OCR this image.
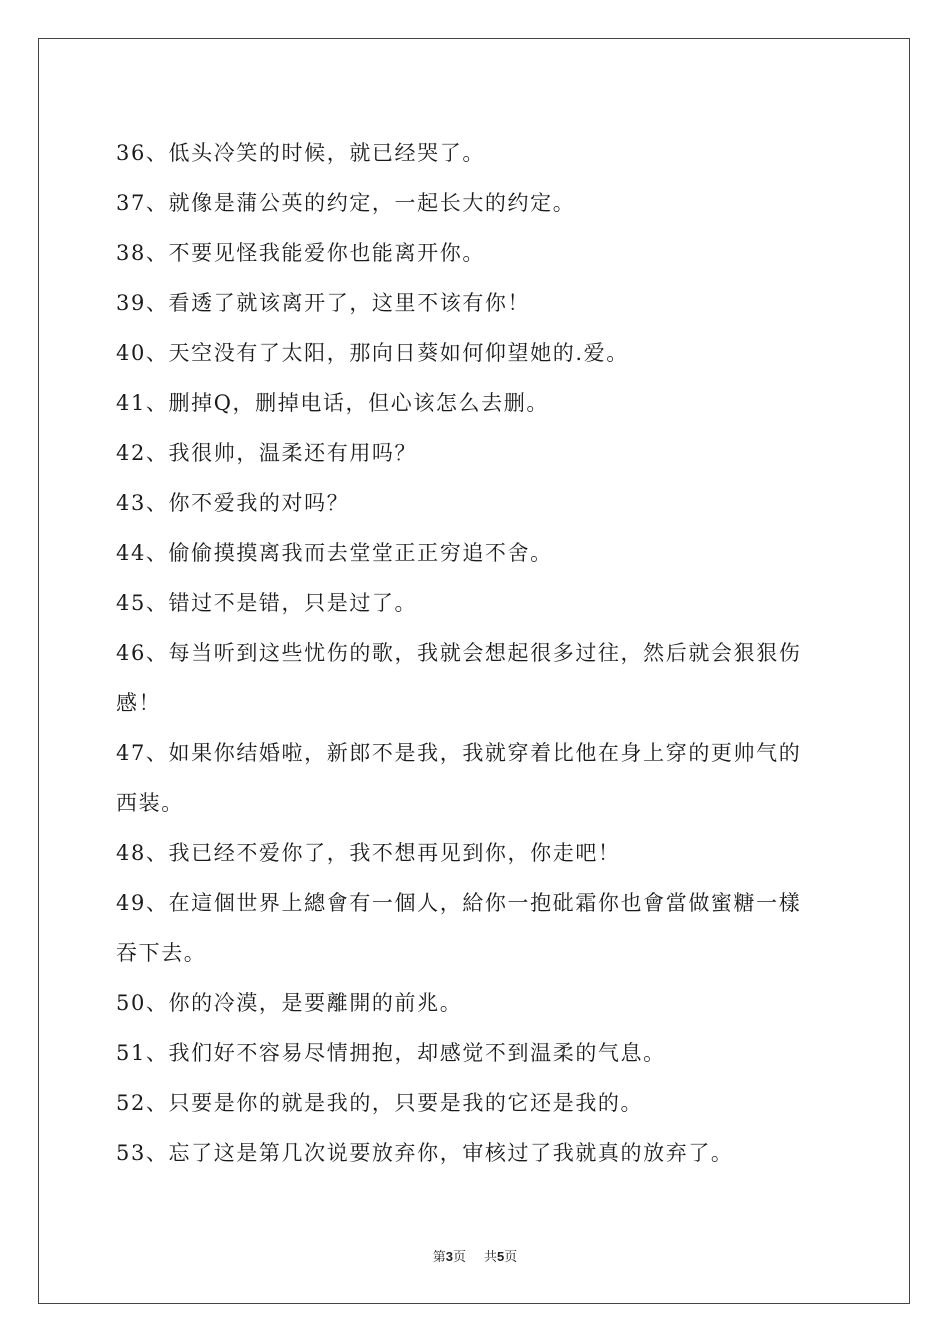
36、低头冷笑的时候，就已经哭了。
37、就像是蒲公英的约定，一起长大的约定。
38、不要见怪我能爱你也能离开你。
39、看透了就该离开了，这里不该有你！
40、天空没有了太阳，那向日葵如何仰望她的.爱。
41、删掉Q，删掉电话，但心该怎么去删。
42、我很帅，温柔还有用吗？
43、你不爱我的对吗？
44、偷偷摸摸离我而去堂堂正正穷追不舍。
45、错过不是错，只是过了。
46、每当听到这些忧伤的歌，我就会想起很多过往，然后就会狠狠伤
感！
47、如果你结婚啦，新郎不是我，我就穿着比他在身上穿的更帅气的
西装。
48、我已经不爱你了，我不想再见到你，你走吧！
49、在這個世界上總會有一個人，給你一抱砒霜你也會當做蜜糖一樣
吞下去。
50、你的冷漠，是要離開的前兆。
51、我们好不容易尽情拥抱，却感觉不到温柔的气息。
52、只要是你的就是我的，只要是我的它还是我的。
53、忘了这是第几次说要放弃你，审核过了我就真的放弃了。
第3页 共5页
